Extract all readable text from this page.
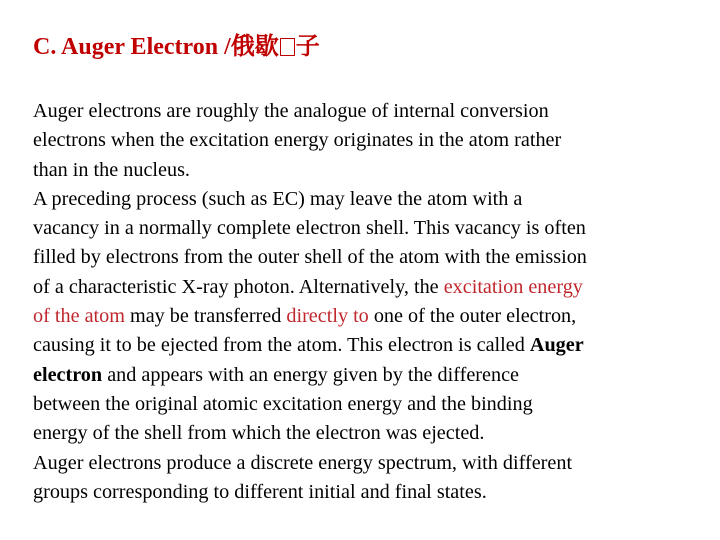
C. Auger Electron /俄歇 子
Auger electrons are roughly the analogue of internal conversion
electrons when the excitation energy originates in the atom rather
than in the nucleus.
A preceding process (such as EC) may leave the atom with a
vacancy in a normally complete electron shell. This vacancy is often
filled by electrons from the outer shell of the atom with the emission
of a characteristic X-ray photon. Alternatively, the excitation energy
of the atom may be transferred directly to one of the outer electron,
causing it to be ejected from the atom. This electron is called Auger
electron and appears with an energy given by the difference
between the original atomic excitation energy and the binding
energy of the shell from which the electron was ejected.
Auger electrons produce a discrete energy spectrum, with different
groups corresponding to different initial and final states.
